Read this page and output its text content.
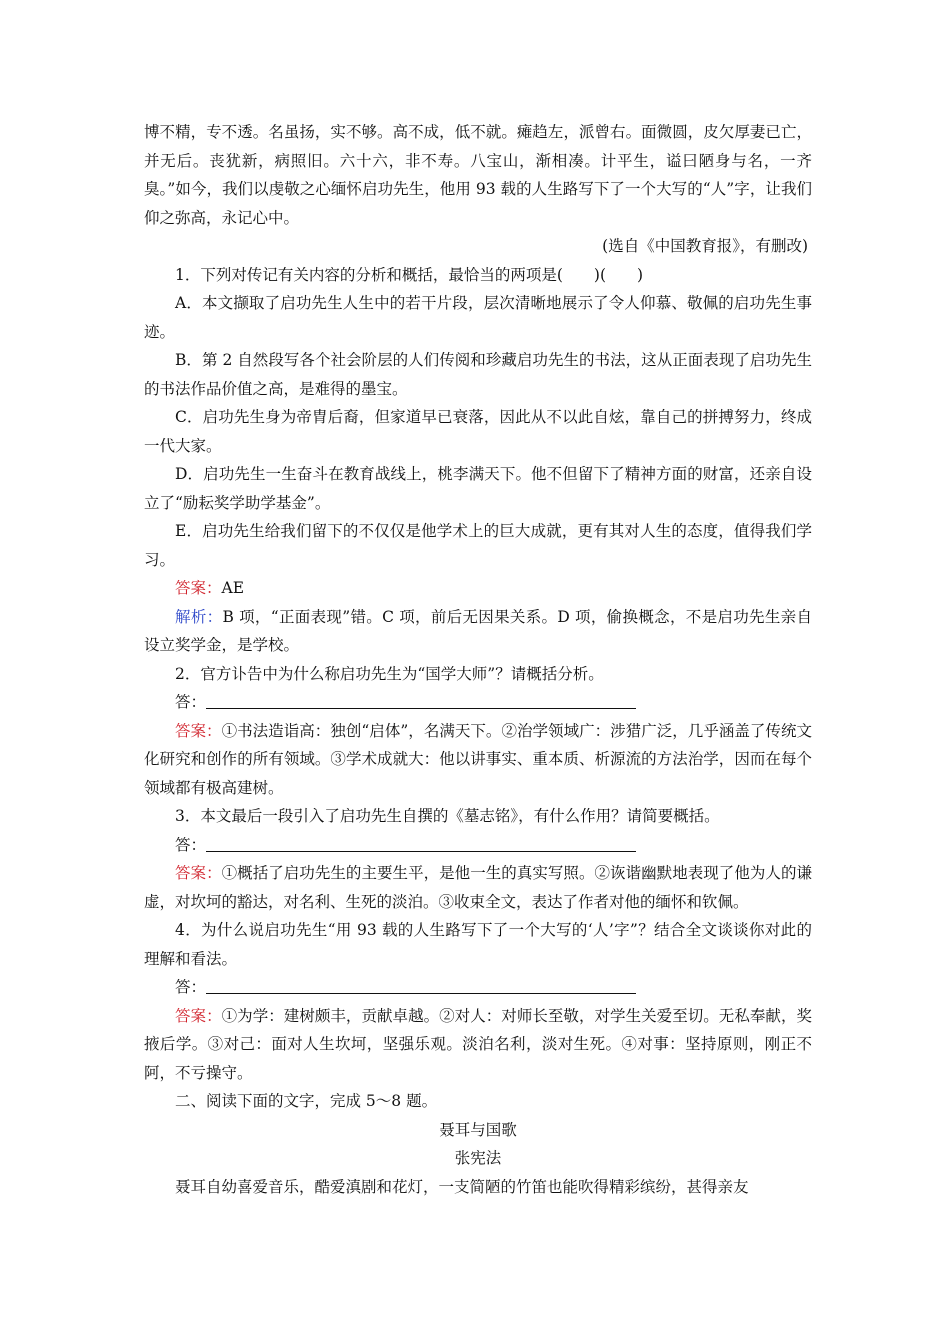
博不精，专不透。名虽扬，实不够。高不成，低不就。瘫趋左，派曾右。面微圆，皮欠厚妻已亡，并无后。丧犹新，病照旧。六十六，非不寿。八宝山，渐相凑。计平生，谥曰陋身与名，一齐臭。”如今，我们以虔敬之心缅怀启功先生，他用 93 载的人生路写下了一个大写的“人”字，让我们仰之弥高，永记心中。

(选自《中国教育报》，有删改)

1．下列对传记有关内容的分析和概括，最恰当的两项是(　　)(　　)

A．本文撷取了启功先生人生中的若干片段，层次清晰地展示了令人仰慕、敬佩的启功先生事迹。

B．第 2 自然段写各个社会阶层的人们传阅和珍藏启功先生的书法，这从正面表现了启功先生的书法作品价值之高，是难得的墨宝。

C．启功先生身为帝胄后裔，但家道早已衰落，因此从不以此自炫，靠自己的拼搏努力，终成一代大家。

D．启功先生一生奋斗在教育战线上，桃李满天下。他不但留下了精神方面的财富，还亲自设立了“励耘奖学助学基金”。

E．启功先生给我们留下的不仅仅是他学术上的巨大成就，更有其对人生的态度，值得我们学习。

答案：AE

解析：B 项，“正面表现”错。C 项，前后无因果关系。D 项，偷换概念，不是启功先生亲自设立奖学金，是学校。

2．官方讣告中为什么称启功先生为“国学大师”？请概括分析。

答：

答案：①书法造诣高：独创“启体”，名满天下。②治学领域广：涉猎广泛，几乎涵盖了传统文化研究和创作的所有领域。③学术成就大：他以讲事实、重本质、析源流的方法治学，因而在每个领域都有极高建树。

3．本文最后一段引入了启功先生自撰的《墓志铭》，有什么作用？请简要概括。

答：

答案：①概括了启功先生的主要生平，是他一生的真实写照。②诙谐幽默地表现了他为人的谦虚，对坎坷的豁达，对名利、生死的淡泊。③收束全文，表达了作者对他的缅怀和钦佩。

4．为什么说启功先生“用 93 载的人生路写下了一个大写的‘人’字”？结合全文谈谈你对此的理解和看法。

答：

答案：①为学：建树颇丰，贡献卓越。②对人：对师长至敬，对学生关爱至切。无私奉献，奖掖后学。③对己：面对人生坎坷，坚强乐观。淡泊名利，淡对生死。④对事：坚持原则，刚正不阿，不亏操守。

二、阅读下面的文字，完成 5～8 题。

聂耳与国歌

张宪法

聂耳自幼喜爱音乐，酷爱滇剧和花灯，一支简陋的竹笛也能吹得精彩缤纷，甚得亲友
